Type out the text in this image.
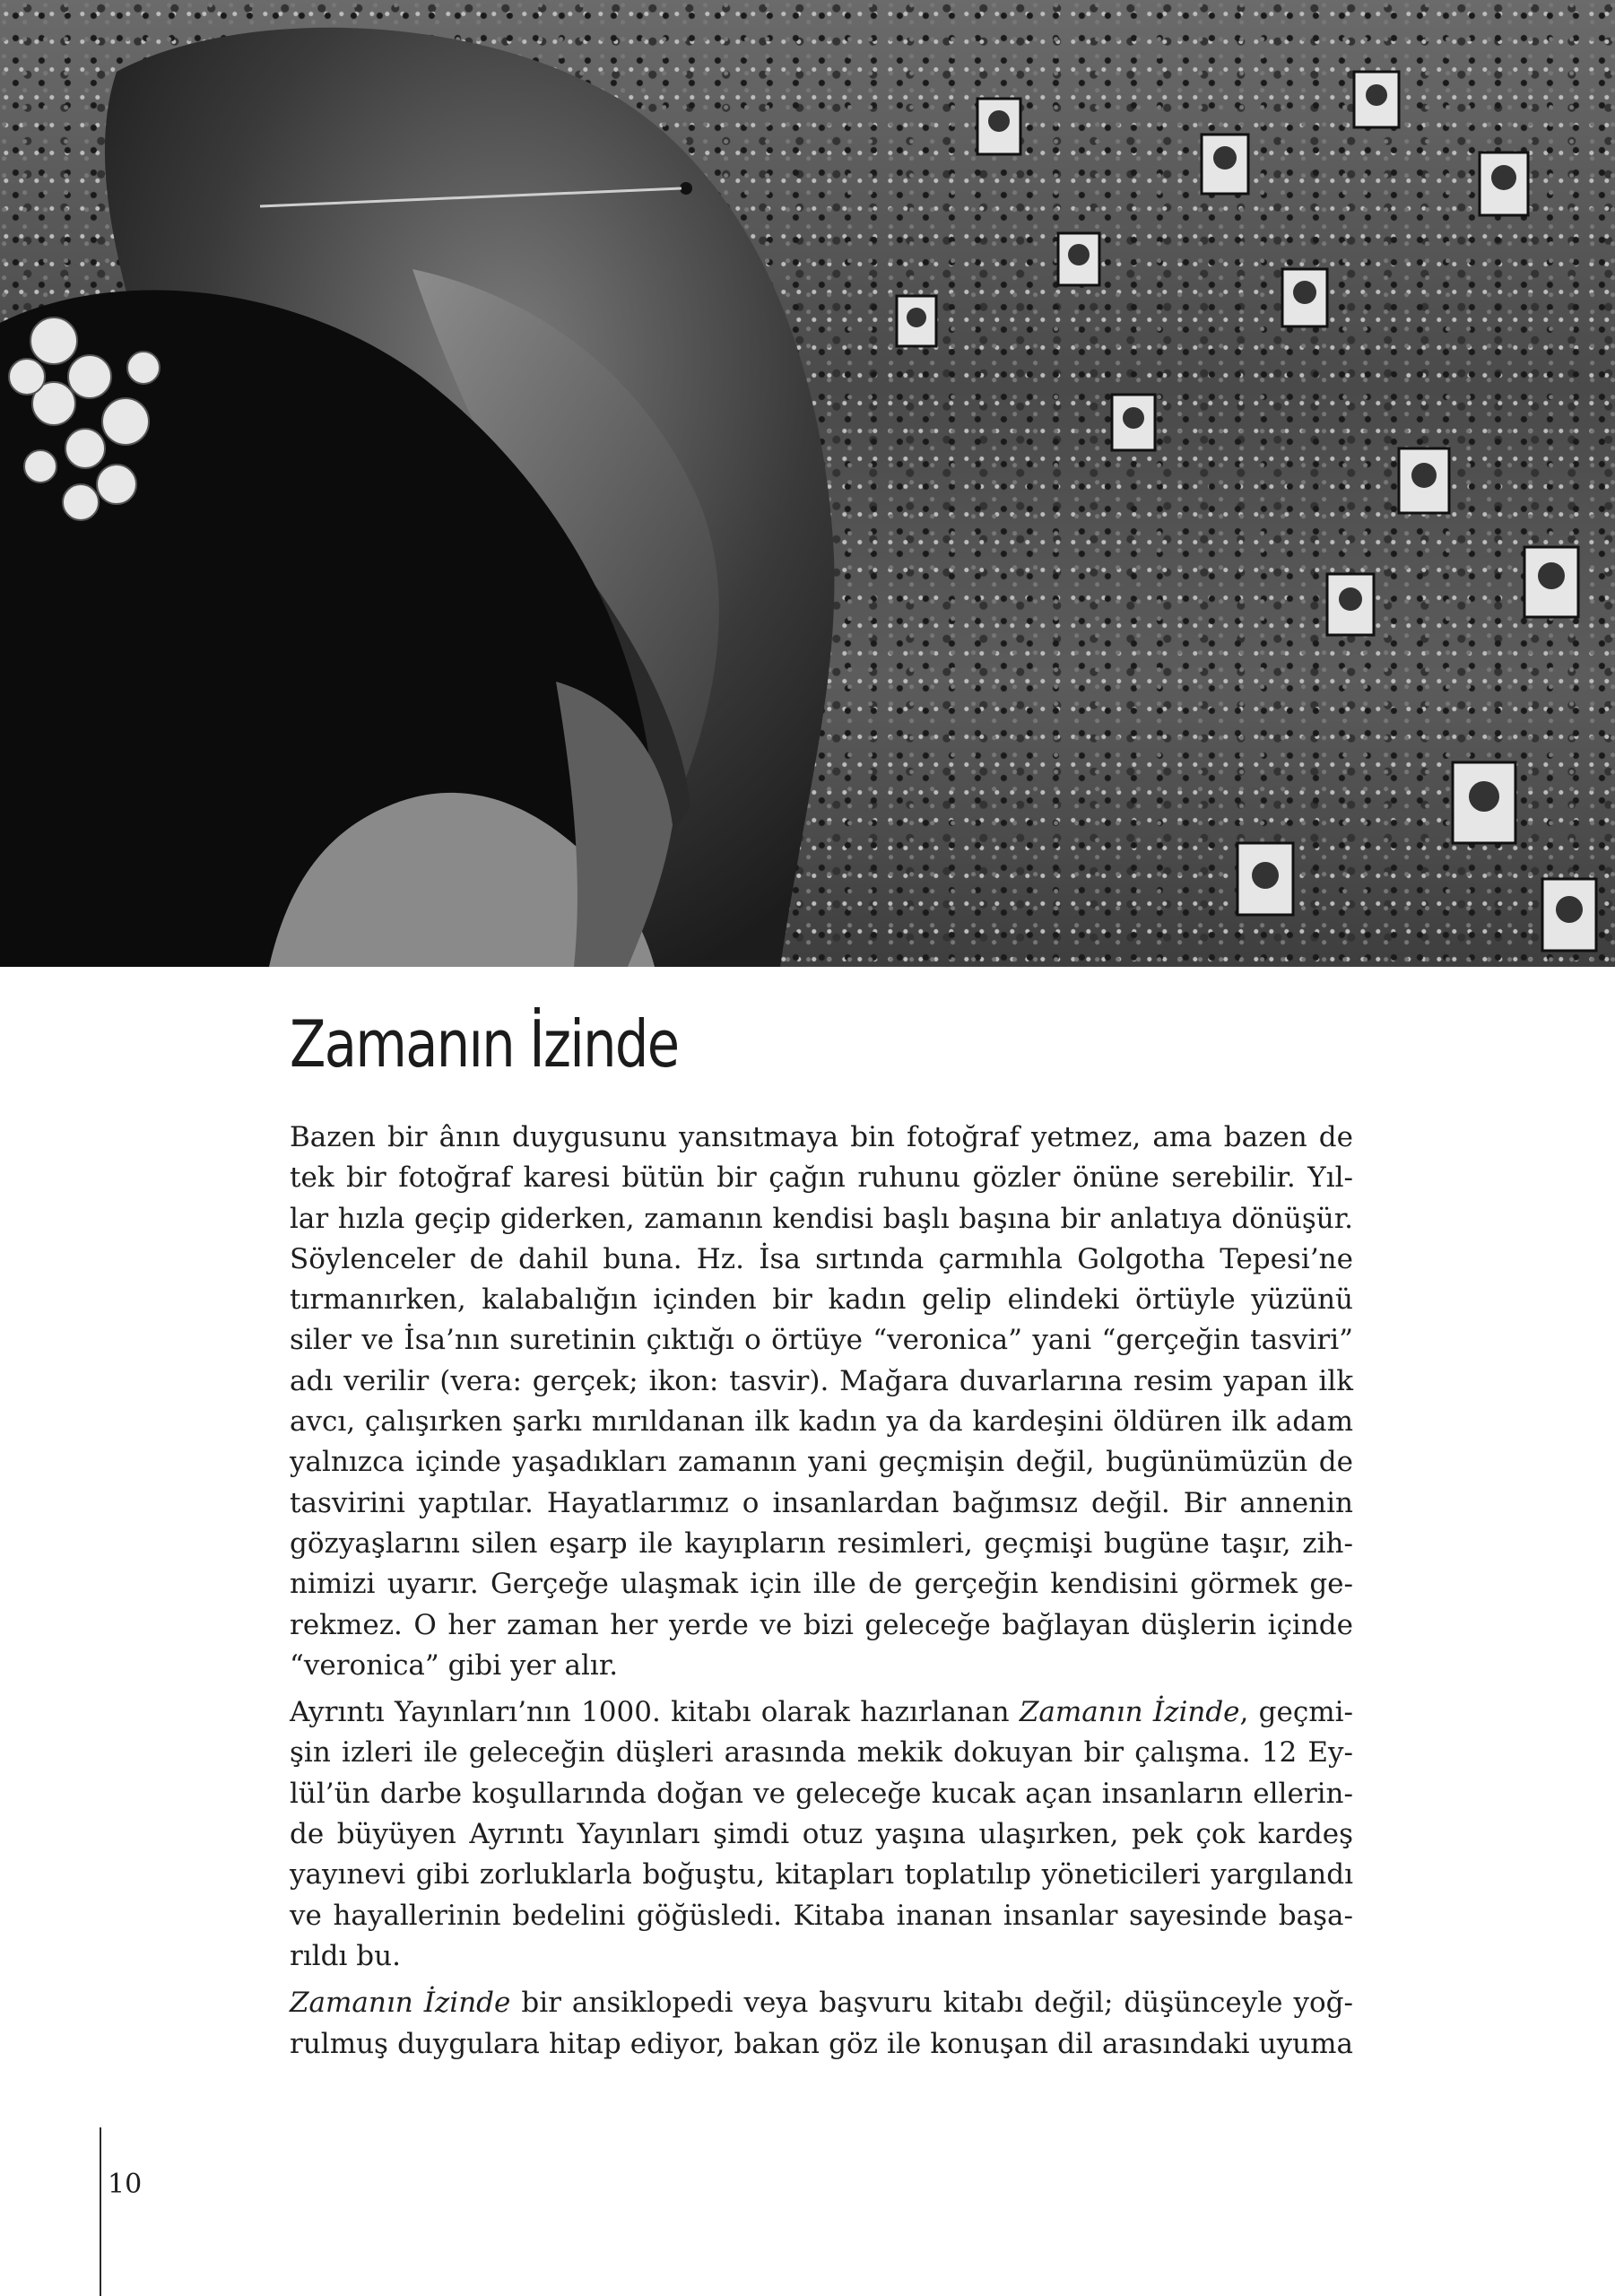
Zamanın İzinde
Bazen bir ânın duygusunu yansıtmaya bin fotoğraf yetmez, ama bazen de
tek bir fotoğraf karesi bütün bir çağın ruhunu gözler önüne serebilir. Yıl-
lar hızla geçip giderken, zamanın kendisi başlı başına bir anlatıya dönüşür.
Söylenceler de dahil buna. Hz. İsa sırtında çarmıhla Golgotha Tepesi’ne
tırmanırken, kalabalığın içinden bir kadın gelip elindeki örtüyle yüzünü
siler ve İsa’nın suretinin çıktığı o örtüye “veronica” yani “gerçeğin tasviri”
adı verilir (vera: gerçek; ikon: tasvir). Mağara duvarlarına resim yapan ilk
avcı, çalışırken şarkı mırıldanan ilk kadın ya da kardeşini öldüren ilk adam
yalnızca içinde yaşadıkları zamanın yani geçmişin değil, bugünümüzün de
tasvirini yaptılar. Hayatlarımız o insanlardan bağımsız değil. Bir annenin
gözyaşlarını silen eşarp ile kayıpların resimleri, geçmişi bugüne taşır, zih-
nimizi uyarır. Gerçeğe ulaşmak için ille de gerçeğin kendisini görmek ge-
rekmez. O her zaman her yerde ve bizi geleceğe bağlayan düşlerin içinde
“veronica” gibi yer alır.
Ayrıntı Yayınları’nın 1000. kitabı olarak hazırlanan Zamanın İzinde, geçmi-
şin izleri ile geleceğin düşleri arasında mekik dokuyan bir çalışma. 12 Ey-
lül’ün darbe koşullarında doğan ve geleceğe kucak açan insanların ellerin-
de büyüyen Ayrıntı Yayınları şimdi otuz yaşına ulaşırken, pek çok kardeş
yayınevi gibi zorluklarla boğuştu, kitapları toplatılıp yöneticileri yargılandı
ve hayallerinin bedelini göğüsledi. Kitaba inanan insanlar sayesinde başa-
rıldı bu.
Zamanın İzinde bir ansiklopedi veya başvuru kitabı değil; düşünceyle yoğ-
rulmuş duygulara hitap ediyor, bakan göz ile konuşan dil arasındaki uyuma
10
